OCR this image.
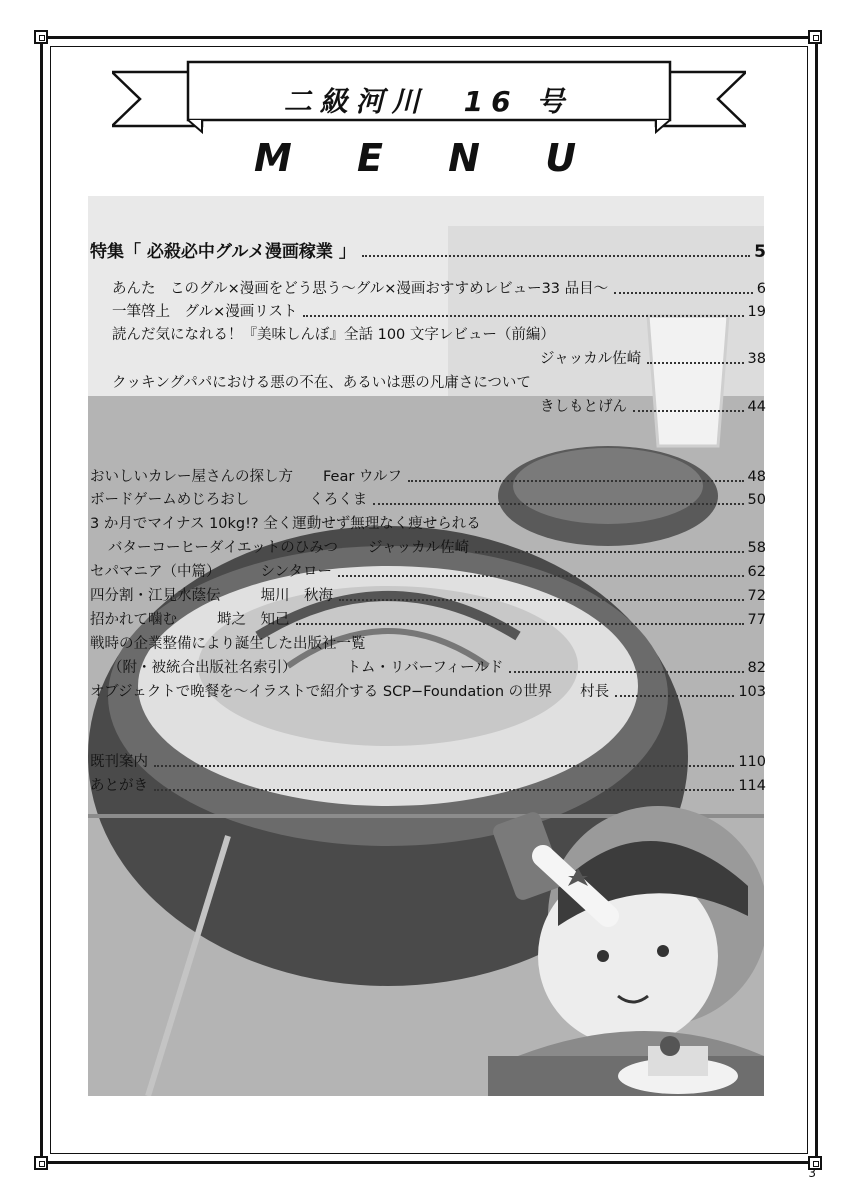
二級河川　16 号
M E N U
特集「 必殺必中グルメ漫画稼業 」	5
あんた　このグル×漫画をどう思う～グル×漫画おすすめレビュー33 品目～	6
一筆啓上　グル×漫画リスト	19
読んだ気になれる！『美味しんぼ』全話 100 文字レビュー（前編）
ジャッカル佐崎	38
クッキングパパにおける悪の不在、あるいは悪の凡庸さについて
きしもとげん	44
おいしいカレー屋さんの探し方 Fear ウルフ	48
ボードゲームめじろおし	くろくま	50
3 か月でマイナス 10kg!? 全く運動せず無理なく痩せられる
バターコーヒーダイエットのひみつ ジャッカル佐崎	58
セパマニア（中篇）	シンタロー	62
四分割・江見水蔭伝	堀川　秋海	72
招かれて噛む	塒之　知己	77
戦時の企業整備により誕生した出版社一覧
（附・被統合出版社名索引）	トム・リバーフィールド	82
オブジェクトで晩餐を～イラストで紹介する SCP−Foundation の世界 村長	103
既刊案内	110
あとがき	114
3
